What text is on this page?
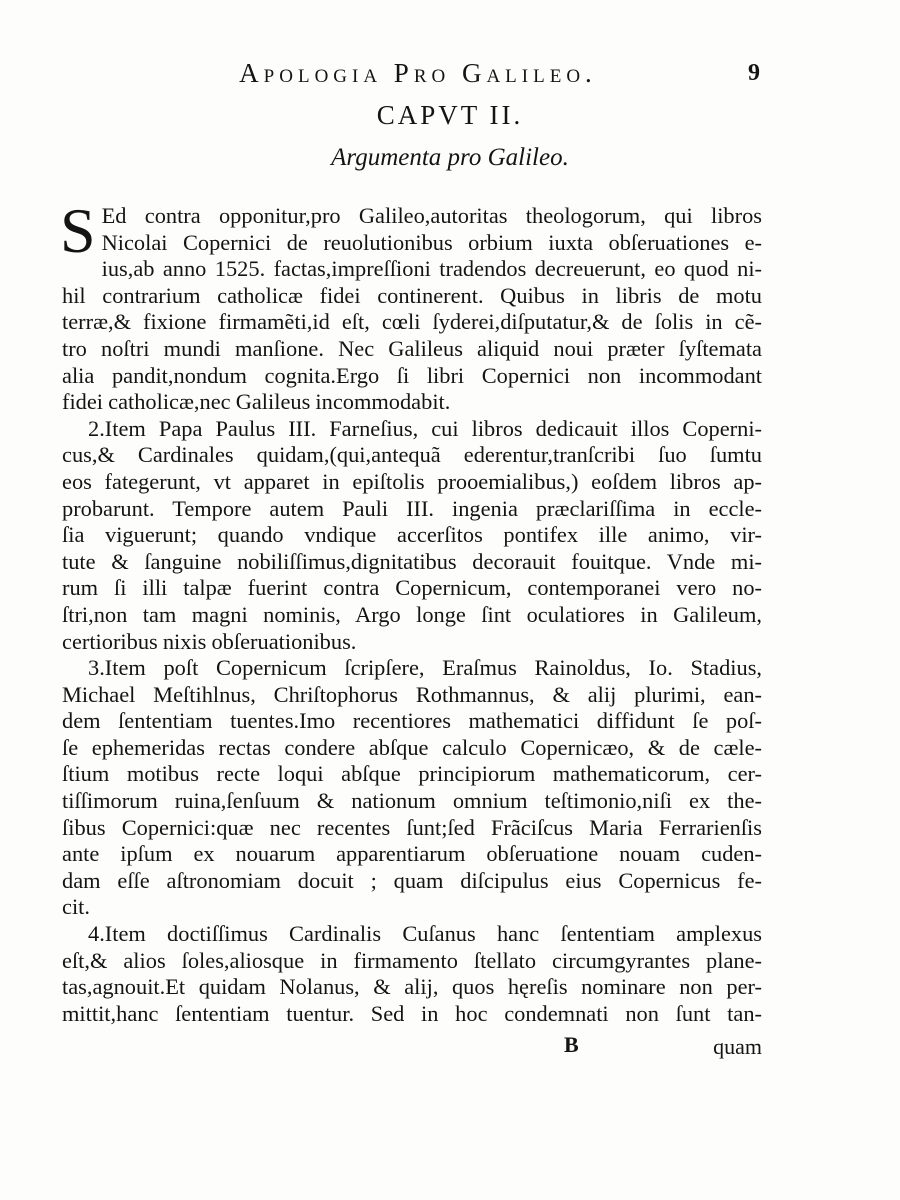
Apologia Pro Galileo.	9
CAPVT II.
Argumenta pro Galileo.
S Ed contra opponitur,pro Galileo,autoritas theologorum, qui libros
Nicolai Copernici de reuolutionibus orbium iuxta obſeruationes e-
ius,ab anno 1525. factas,impreſſioni tradendos decreuerunt, eo quod ni-
hil contrarium catholicæ fidei continerent. Quibus in libris de motu
terræ,& fixione firmamẽti,id eſt, cœli ſyderei,diſputatur,& de ſolis in cẽ-
tro noſtri mundi manſione. Nec Galileus aliquid noui præter ſyſtemata
alia pandit,nondum cognita.Ergo ſi libri Copernici non incommodant
fidei catholicæ,nec Galileus incommodabit.
2.Item Papa Paulus III. Farneſius, cui libros dedicauit illos Coperni-
cus,& Cardinales quidam,(qui,antequã ederentur,tranſcribi ſuo ſumtu
eos fategerunt, vt apparet in epiſtolis prooemialibus,) eoſdem libros ap-
probarunt. Tempore autem Pauli III. ingenia præclariſſima in eccle-
ſia viguerunt; quando vndique accerſitos pontifex ille animo, vir-
tute & ſanguine nobiliſſimus,dignitatibus decorauit fouitque. Vnde mi-
rum ſi illi talpæ fuerint contra Copernicum, contemporanei vero no-
ſtri,non tam magni nominis, Argo longe ſint oculatiores in Galileum,
certioribus nixis obſeruationibus.
3.Item poſt Copernicum ſcripſere, Eraſmus Rainoldus, Io. Stadius,
Michael Meſtihlnus, Chriſtophorus Rothmannus, & alij plurimi, ean-
dem ſententiam tuentes.Imo recentiores mathematici diffidunt ſe poſ-
ſe ephemeridas rectas condere abſque calculo Copernicæo, & de cæle-
ſtium motibus recte loqui abſque principiorum mathematicorum, cer-
tiſſimorum ruina,ſenſuum & nationum omnium teſtimonio,niſi ex the-
ſibus Copernici:quæ nec recentes ſunt;ſed Frãciſcus Maria Ferrarienſis
ante ipſum ex nouarum apparentiarum obſeruatione nouam cuden-
dam eſſe aſtronomiam docuit ; quam diſcipulus eius Copernicus fe-
cit.
4.Item doctiſſimus Cardinalis Cuſanus hanc ſententiam amplexus
eſt,& alios ſoles,aliosque in firmamento ſtellato circumgyrantes plane-
tas,agnouit.Et quidam Nolanus, & alij, quos hęreſis nominare non per-
mittit,hanc ſententiam tuentur. Sed in hoc condemnati non ſunt tan-
B	quam
